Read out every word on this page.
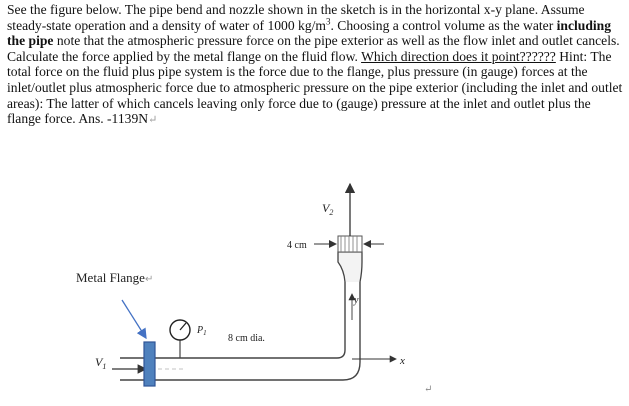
See the figure below. The pipe bend and nozzle shown in the sketch is in the horizontal x-y plane. Assume steady-state operation and a density of water of 1000 $kg/m^3$. Choosing a control volume as the water including the pipe note that the atmospheric pressure force on the pipe exterior as well as the flow inlet and outlet cancels. Calculate the force applied by the metal flange on the fluid flow. Which direction does it point?????? Hint: The total force on the fluid plus pipe system is the force due to the flange, plus pressure (in gauge) forces at the inlet/outlet plus atmospheric force due to atmospheric pressure on the pipe exterior (including the inlet and outlet areas): The latter of which cancels leaving only force due to (gauge) pressure at the inlet and outlet plus the flange force. Ans. -1139N↵
$V_2$
4 cm
y
x
$P_1$ 8 cm dia.
$V_1$
Metal Flange↵
↵
